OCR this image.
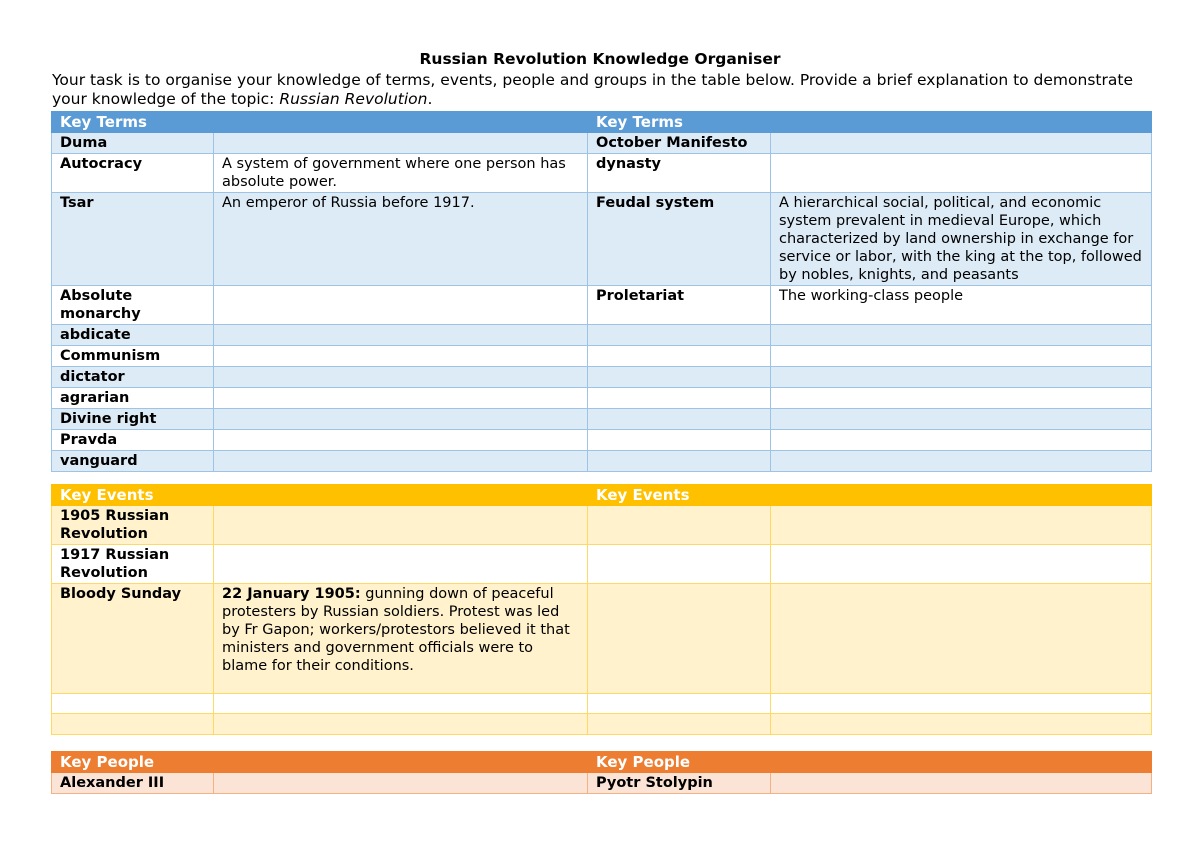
Russian Revolution Knowledge Organiser
Your task is to organise your knowledge of terms, events, people and groups in the table below. Provide a brief explanation to demonstrate your knowledge of the topic: Russian Revolution.
Key Terms		Key Terms	
Duma		October Manifesto	
Autocracy	A system of government where one person has absolute power.	dynasty	
Tsar	An emperor of Russia before 1917.	Feudal system	A hierarchical social, political, and economic system prevalent in medieval Europe, which characterized by land ownership in exchange for service or labor, with the king at the top, followed by nobles, knights, and peasants
Absolute monarchy		Proletariat	The working-class people
abdicate			
Communism			
dictator			
agrarian			
Divine right			
Pravda			
vanguard			
Key Events		Key Events	
1905 Russian Revolution			
1917 Russian Revolution			
Bloody Sunday	22 January 1905: gunning down of peaceful protesters by Russian soldiers. Protest was led by Fr Gapon; workers/protestors believed it that ministers and government officials were to blame for their conditions.		

Key People		Key People	
Alexander III		Pyotr Stolypin	
